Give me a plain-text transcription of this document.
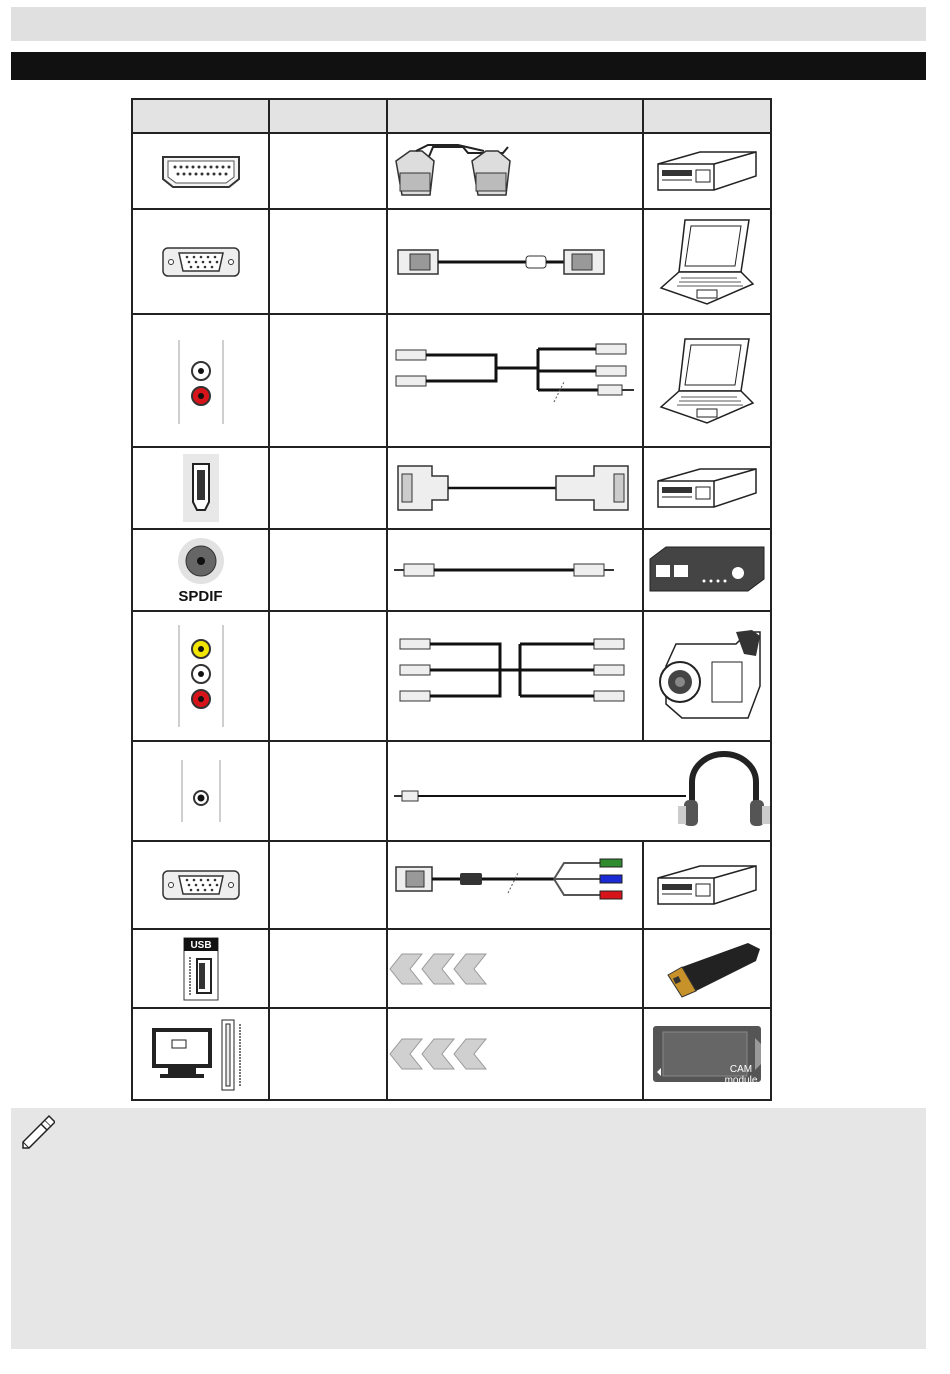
SPDIF

USB

CAM module
